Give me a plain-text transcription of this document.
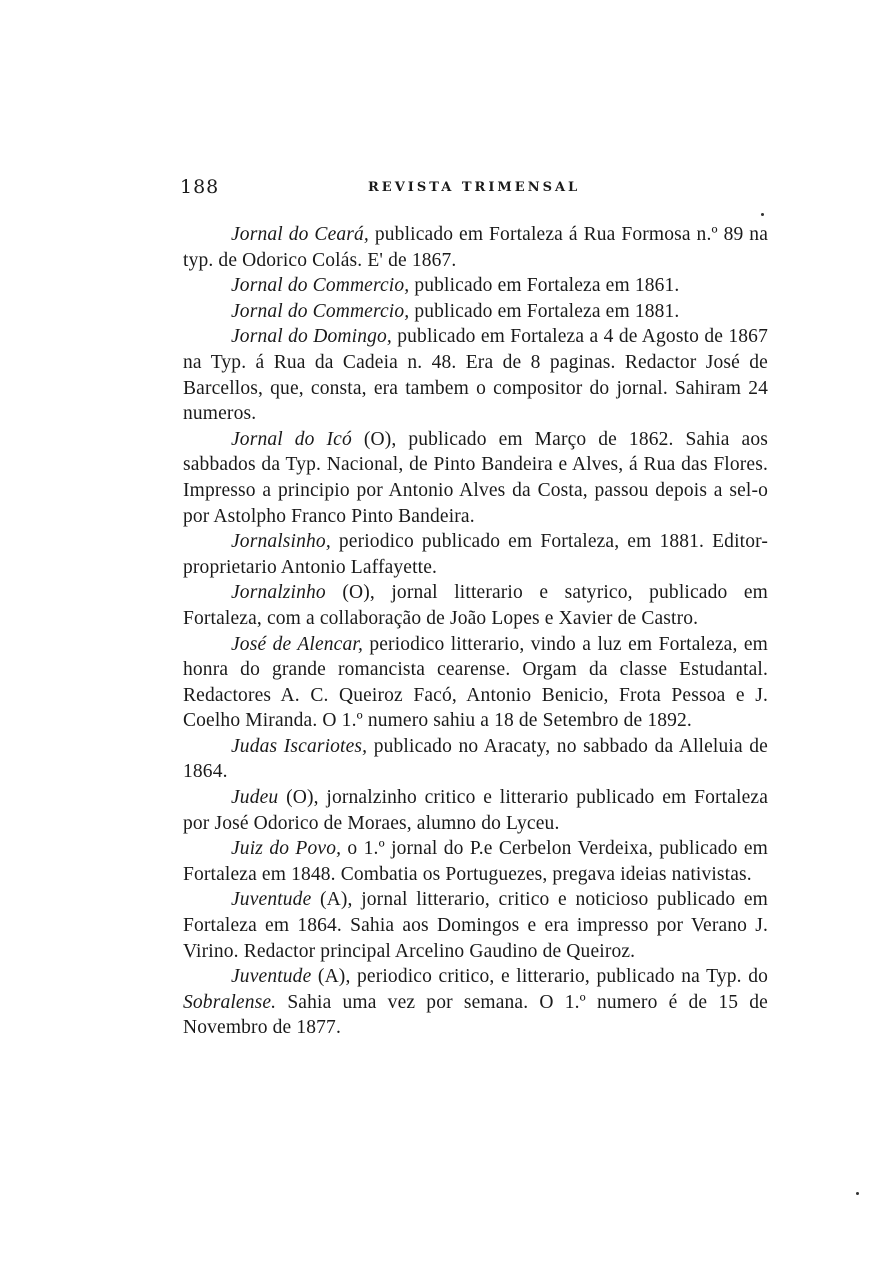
188	REVISTA TRIMENSAL

Jornal do Ceará, publicado em Fortaleza á Rua Formosa n.º 89 na typ. de Odorico Colás. E' de 1867.

Jornal do Commercio, publicado em Fortaleza em 1861.

Jornal do Commercio, publicado em Fortaleza em 1881.

Jornal do Domingo, publicado em Fortaleza a 4 de Agosto de 1867 na Typ. á Rua da Cadeia n. 48. Era de 8 paginas. Redactor José de Barcellos, que, consta, era tambem o compositor do jornal. Sahiram 24 numeros.

Jornal do Icó (O), publicado em Março de 1862. Sahia aos sabbados da Typ. Nacional, de Pinto Bandeira e Alves, á Rua das Flores. Impresso a principio por Antonio Alves da Costa, passou depois a sel-o por Astolpho Franco Pinto Bandeira.

Jornalsinho, periodico publicado em Fortaleza, em 1881. Editor-proprietario Antonio Laffayette.

Jornalzinho (O), jornal litterario e satyrico, publicado em Fortaleza, com a collaboração de João Lopes e Xavier de Castro.

José de Alencar, periodico litterario, vindo a luz em Fortaleza, em honra do grande romancista cearense. Orgam da classe Estudantal. Redactores A. C. Queiroz Facó, Antonio Benicio, Frota Pessoa e J. Coelho Miranda. O 1.º numero sahiu a 18 de Setembro de 1892.

Judas Iscariotes, publicado no Aracaty, no sabbado da Alleluia de 1864.

Judeu (O), jornalzinho critico e litterario publicado em Fortaleza por José Odorico de Moraes, alumno do Lyceu.

Juiz do Povo, o 1.º jornal do P.e Cerbelon Verdeixa, publicado em Fortaleza em 1848. Combatia os Portuguezes, pregava ideias nativistas.

Juventude (A), jornal litterario, critico e noticioso publicado em Fortaleza em 1864. Sahia aos Domingos e era impresso por Verano J. Virino. Redactor principal Arcelino Gaudino de Queiroz.

Juventude (A), periodico critico, e litterario, publicado na Typ. do Sobralense. Sahia uma vez por semana. O 1.º numero é de 15 de Novembro de 1877.
